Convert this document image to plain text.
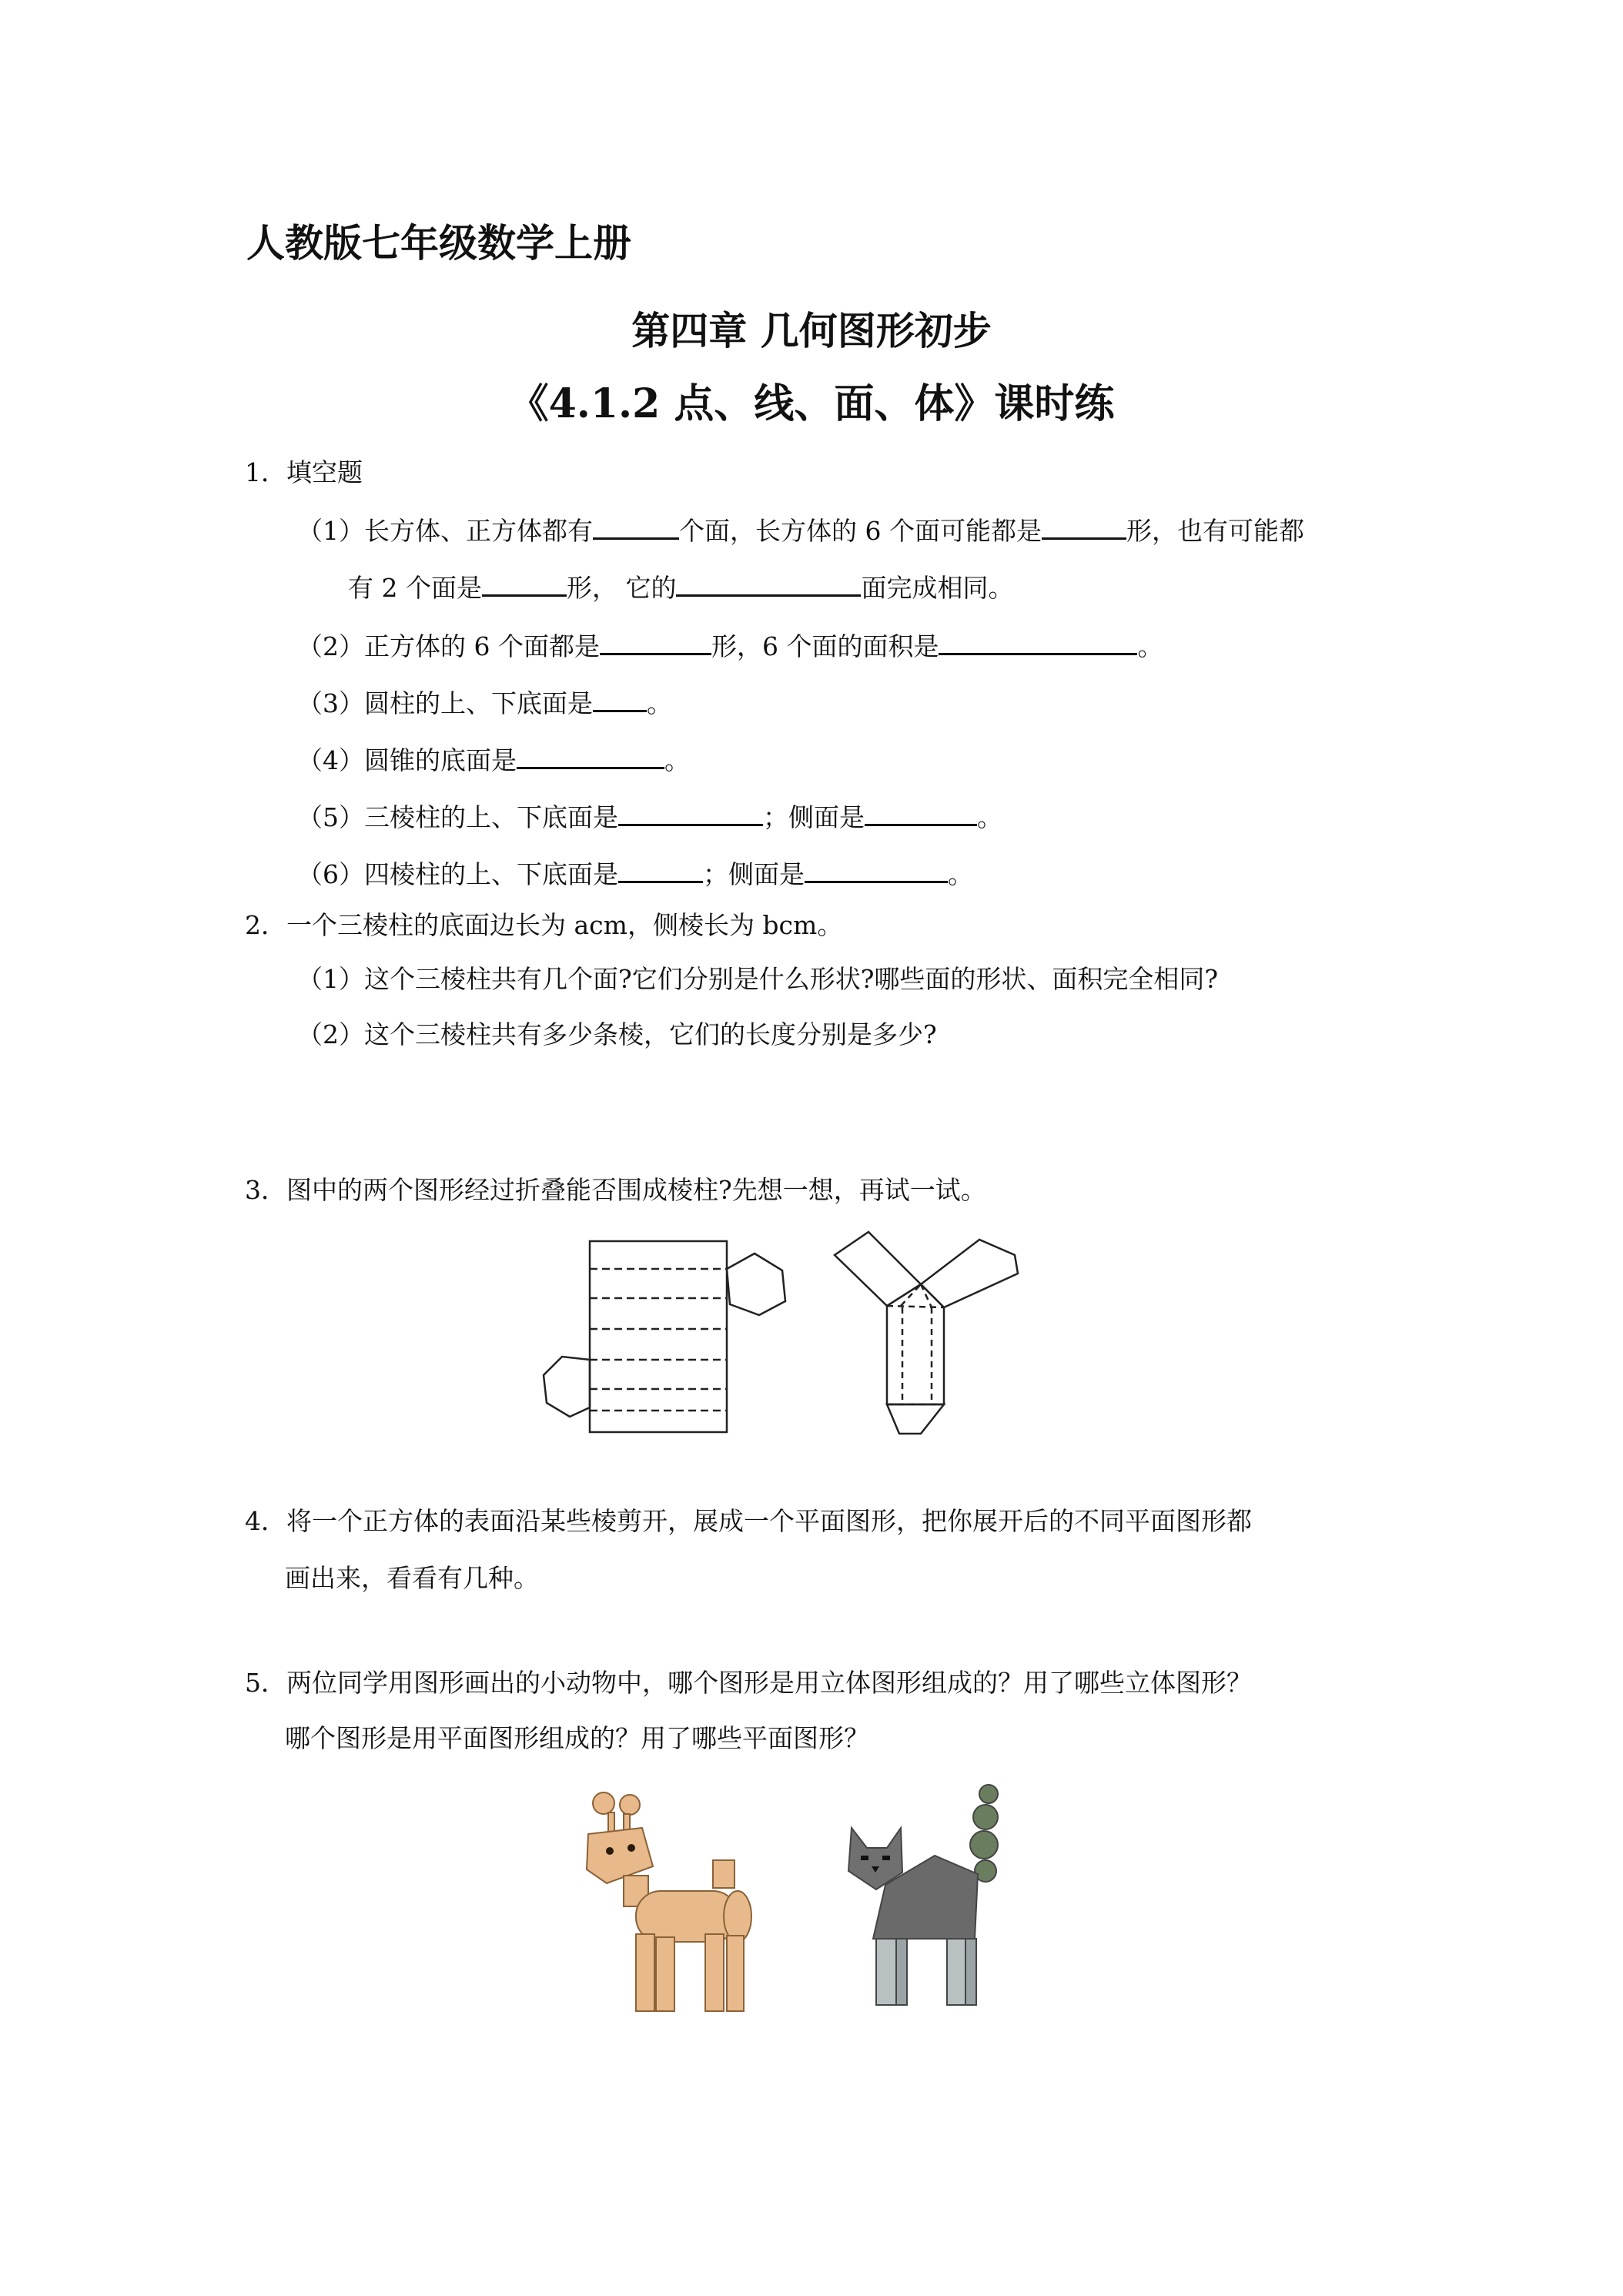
人教版七年级数学上册
第四章 几何图形初步
《4.1.2 点、线、面、体》课时练
1．填空题
（1）长方体、正方体都有	个面，长方体的 6 个面可能都是	形，也有可能都
有 2 个面是	形， 它的	面完成相同。
（2）正方体的 6 个面都是	形，6 个面的面积是	。
（3）圆柱的上、下底面是 。
（4）圆锥的底面是	。
（5）三棱柱的上、下底面是	；侧面是	。
（6）四棱柱的上、下底面是	；侧面是	。
2．一个三棱柱的底面边长为 acm，侧棱长为 bcm。
（1）这个三棱柱共有几个面?它们分别是什么形状?哪些面的形状、面积完全相同?
（2）这个三棱柱共有多少条棱，它们的长度分别是多少?
3．图中的两个图形经过折叠能否围成棱柱?先想一想，再试一试。
4．将一个正方体的表面沿某些棱剪开，展成一个平面图形，把你展开后的不同平面图形都
画出来，看看有几种。
5．两位同学用图形画出的小动物中，哪个图形是用立体图形组成的？用了哪些立体图形？
哪个图形是用平面图形组成的？用了哪些平面图形？
